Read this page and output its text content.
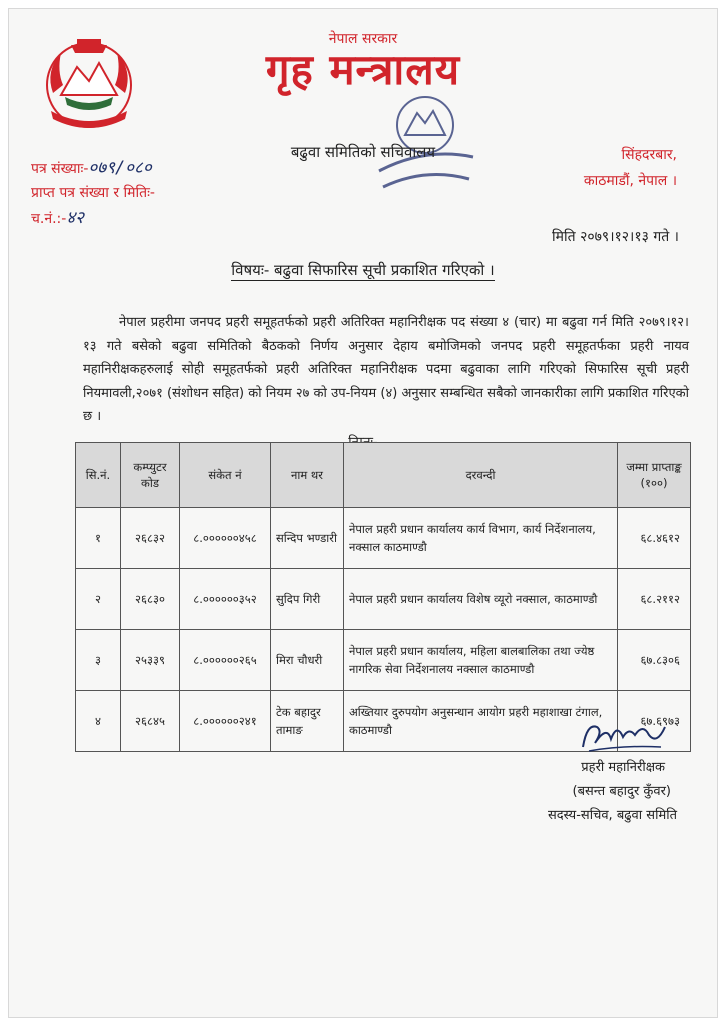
नेपाल सरकार
गृह मन्त्रालय
बढुवा समितिको सचिवालय
पत्र संख्याः-०७९/०८०
प्राप्त पत्र संख्या र मितिः-
च.नं.:-४२
सिंहदरबार,
काठमाडौं, नेपाल ।
मिति २०७९।१२।१३ गते ।
विषयः- बढुवा सिफारिस सूची प्रकाशित गरिएको ।
नेपाल प्रहरीमा जनपद प्रहरी समूहतर्फको प्रहरी अतिरिक्त महानिरीक्षक पद संख्या ४ (चार) मा बढुवा गर्न मिति २०७९।१२।१३ गते बसेको बढुवा समितिको बैठकको निर्णय अनुसार देहाय बमोजिमको जनपद प्रहरी समूहतर्फका प्रहरी नायव महानिरीक्षकहरुलाई सोही समूहतर्फको प्रहरी अतिरिक्त महानिरीक्षक पदमा बढुवाका लागि गरिएको सिफारिस सूची प्रहरी नियमावली,२०७१ (संशोधन सहित) को नियम २७ को उप-नियम (४) अनुसार सम्बन्धित सबैको जानकारीका लागि प्रकाशित गरिएको छ ।
सि.नं.	कम्प्युटर कोड	संकेत नं	नाम थर	दरवन्दी	जम्मा प्राप्ताङ्क (१००)
१	२६८३२	८.००००००४५८	सन्दिप भण्डारी	नेपाल प्रहरी प्रधान कार्यालय कार्य विभाग, कार्य निर्देशनालय, नक्साल काठमाण्डौ	६८.४६१२
२	२६८३०	८.००००००३५२	सुदिप गिरी	नेपाल प्रहरी प्रधान कार्यालय विशेष व्यूरो नक्साल, काठमाण्डौ	६८.२११२
३	२५३३९	८.००००००२६५	मिरा चौधरी	नेपाल प्रहरी प्रधान कार्यालय, महिला बालबालिका तथा ज्येष्ठ नागरिक सेवा निर्देशनालय नक्साल काठमाण्डौ	६७.८३०६
४	२६८४५	८.००००००२४१	टेक बहादुर तामाङ	अख्तियार दुरुपयोग अनुसन्धान आयोग प्रहरी महाशाखा टंगाल, काठमाण्डौ	६७.६९७३
प्रहरी महानिरीक्षक
(बसन्त बहादुर कुँवर)
सदस्य-सचिव, बढुवा समिति
